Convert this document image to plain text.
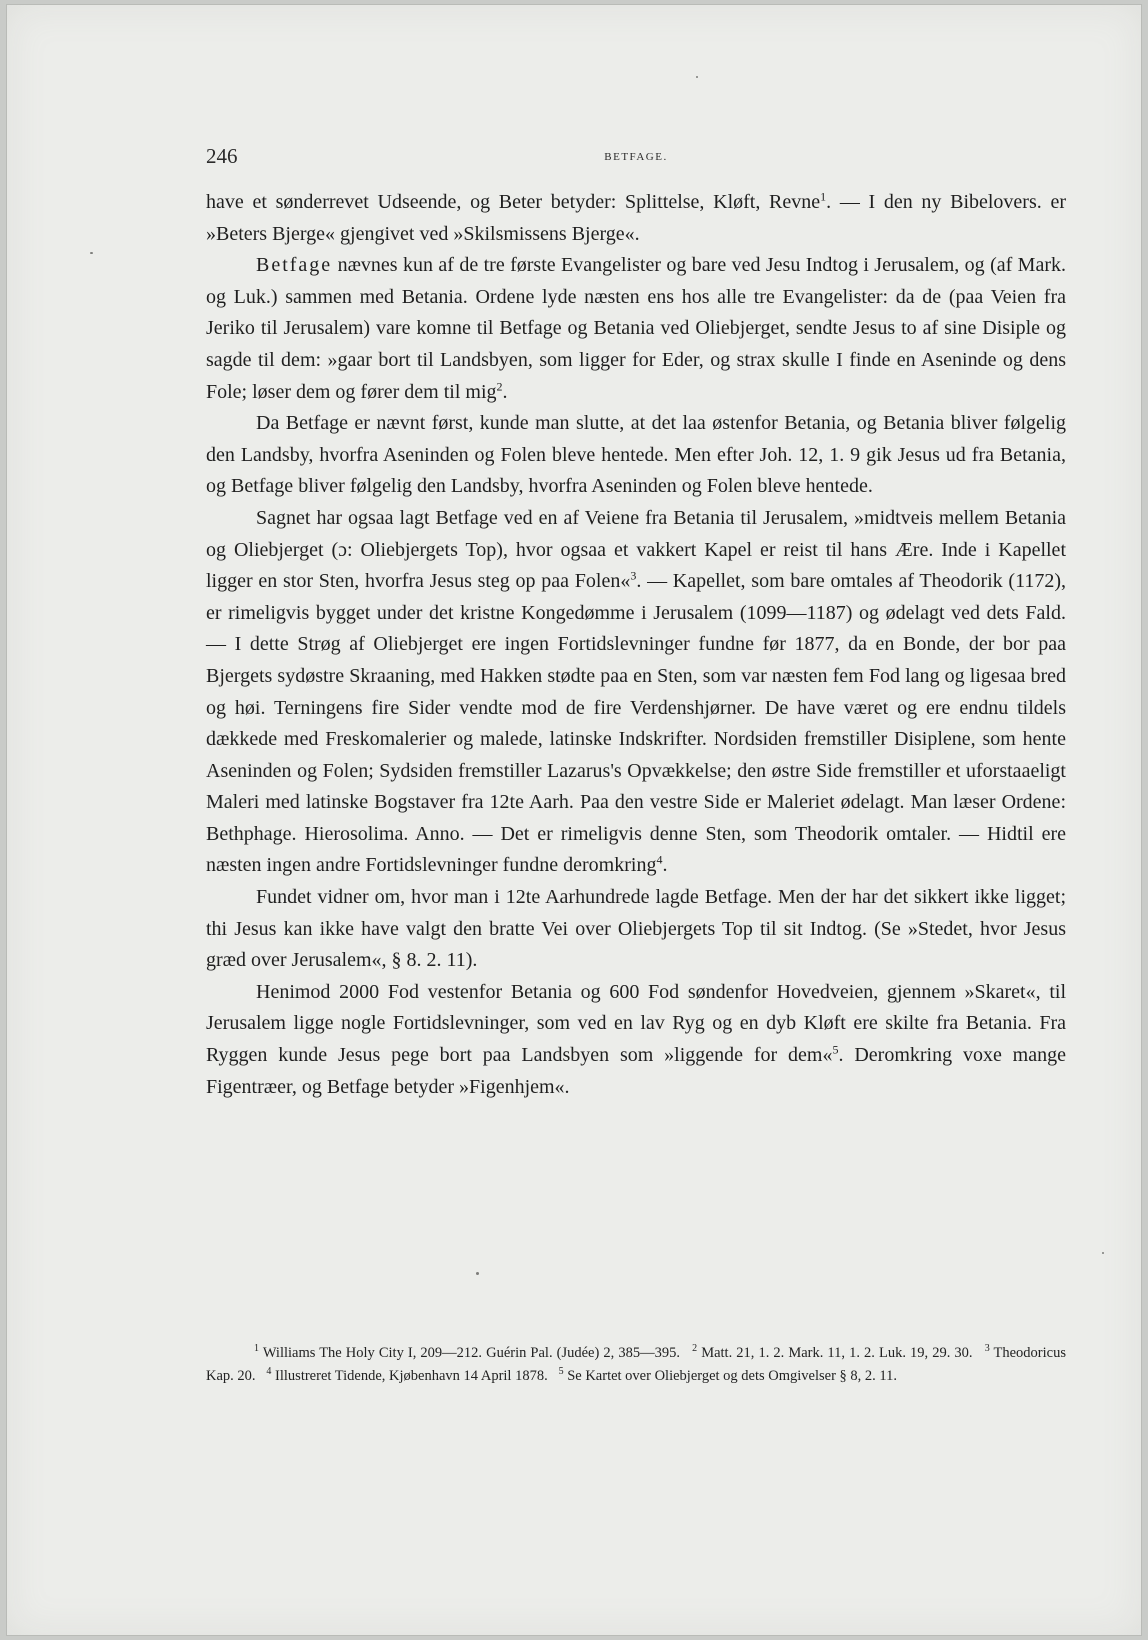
246	BETFAGE.

have et sønderrevet Udseende, og Beter betyder: Splittelse, Kløft, Revne$^1$. — I den ny Bibelovers. er »Beters Bjerge« gjengivet ved »Skilsmissens Bjerge«.

Betfage nævnes kun af de tre første Evangelister og bare ved Jesu Indtog i Jerusalem, og (af Mark. og Luk.) sammen med Betania. Ordene lyde næsten ens hos alle tre Evangelister: da de (paa Veien fra Jeriko til Jerusalem) vare komne til Betfage og Betania ved Oliebjerget, sendte Jesus to af sine Disiple og sagde til dem: »gaar bort til Landsbyen, som ligger for Eder, og strax skulle I finde en Aseninde og dens Fole; løser dem og fører dem til mig$^2$.

Da Betfage er nævnt først, kunde man slutte, at det laa østenfor Betania, og Betania bliver følgelig den Landsby, hvorfra Aseninden og Folen bleve hentede. Men efter Joh. 12, 1. 9 gik Jesus ud fra Betania, og Betfage bliver følgelig den Landsby, hvorfra Aseninden og Folen bleve hentede.

Sagnet har ogsaa lagt Betfage ved en af Veiene fra Betania til Jerusalem, »midtveis mellem Betania og Oliebjerget (ɔ: Oliebjergets Top), hvor ogsaa et vakkert Kapel er reist til hans Ære. Inde i Kapellet ligger en stor Sten, hvorfra Jesus steg op paa Folen«$^3$. — Kapellet, som bare omtales af Theodorik (1172), er rimeligvis bygget under det kristne Kongedømme i Jerusalem (1099—1187) og ødelagt ved dets Fald. — I dette Strøg af Oliebjerget ere ingen Fortidslevninger fundne før 1877, da en Bonde, der bor paa Bjergets sydøstre Skraaning, med Hakken stødte paa en Sten, som var næsten fem Fod lang og ligesaa bred og høi. Terningens fire Sider vendte mod de fire Verdenshjørner. De have været og ere endnu tildels dækkede med Freskomalerier og malede, latinske Indskrifter. Nordsiden fremstiller Disiplene, som hente Aseninden og Folen; Sydsiden fremstiller Lazarus's Opvækkelse; den østre Side fremstiller et uforstaaeligt Maleri med latinske Bogstaver fra 12te Aarh. Paa den vestre Side er Maleriet ødelagt. Man læser Ordene: Bethphage. Hierosolima. Anno. — Det er rimeligvis denne Sten, som Theodorik omtaler. — Hidtil ere næsten ingen andre Fortidslevninger fundne deromkring$^4$.

Fundet vidner om, hvor man i 12te Aarhundrede lagde Betfage. Men der har det sikkert ikke ligget; thi Jesus kan ikke have valgt den bratte Vei over Oliebjergets Top til sit Indtog. (Se »Stedet, hvor Jesus græd over Jerusalem«, § 8. 2. 11).

Henimod 2000 Fod vestenfor Betania og 600 Fod søndenfor Hovedveien, gjennem »Skaret«, til Jerusalem ligge nogle Fortidslevninger, som ved en lav Ryg og en dyb Kløft ere skilte fra Betania. Fra Ryggen kunde Jesus pege bort paa Landsbyen som »liggende for dem«$^5$. Deromkring voxe mange Figentræer, og Betfage betyder »Figenhjem«.

$^1$ Williams The Holy City I, 209—212. Guérin Pal. (Judée) 2, 385—395. $^2$ Matt. 21, 1. 2. Mark. 11, 1. 2. Luk. 19, 29. 30. $^3$ Theodoricus Kap. 20. $^4$ Illustreret Tidende, Kjøbenhavn 14 April 1878. $^5$ Se Kartet over Oliebjerget og dets Omgivelser § 8, 2. 11.
